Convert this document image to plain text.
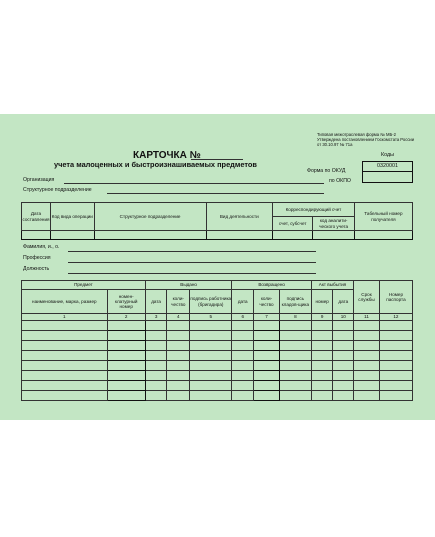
Типовая межотраслевая форма № МБ-2
Утверждена постановлением Госкомстата России
от 30.10.97 № 71а
КАРТОЧКА №
учета малоценных и быстроизнашиваемых предметов
Коды
0320001

Форма по ОКУД
по ОКПО
Организация
Структурное подразделение
Дата составления	Код вида операции	Структурное подразделение	Вид деятельности	Корреспондирующий счет		Табельный номер получателя
				счет, субсчет	код аналити-ческого учета	

Фамилия, и., о.
Профессия
Должность
Предмет		Выдано			Возвращено			Акт выбытия		Срок службы	Номер паспорта
наименование, марка, размер	номен-клатурный номер	дата	коли-чество	подпись работника (бригадира)	дата	коли-чество	подпись кладов-щика	номер	дата		
1	2	3	4	5	6	7	8	9	10	11	12
